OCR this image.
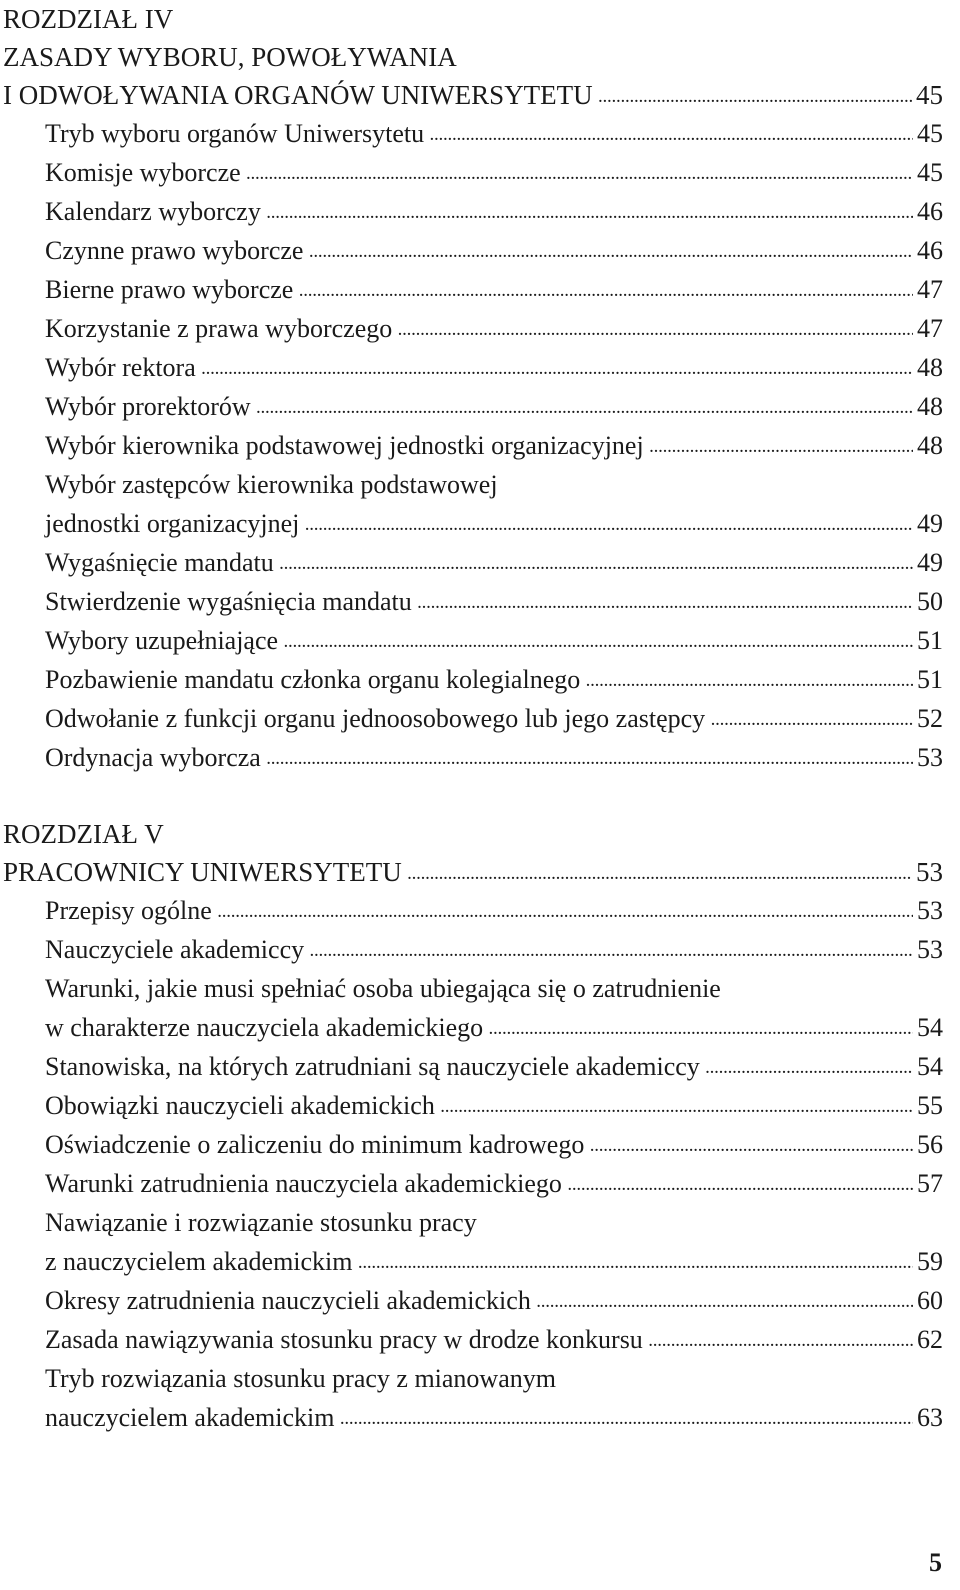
ROZDZIAŁ IV
ZASADY WYBORU, POWOŁYWANIA
I ODWOŁYWANIA ORGANÓW UNIWERSYTETU .....	45
Tryb wyboru organów Uniwersytetu .....	45
Komisje wyborcze .....	45
Kalendarz wyborczy .....	46
Czynne prawo wyborcze .....	46
Bierne prawo wyborcze .....	47
Korzystanie z prawa wyborczego .....	47
Wybór rektora .....	48
Wybór prorektorów .....	48
Wybór kierownika podstawowej jednostki organizacyjnej .....	48
Wybór zastępców kierownika podstawowej
jednostki organizacyjnej .....	49
Wygaśnięcie mandatu .....	49
Stwierdzenie wygaśnięcia mandatu .....	50
Wybory uzupełniające .....	51
Pozbawienie mandatu członka organu kolegialnego .....	51
Odwołanie z funkcji organu jednoosobowego lub jego zastępcy .....	52
Ordynacja wyborcza .....	53
ROZDZIAŁ V
PRACOWNICY UNIWERSYTETU .....	53
Przepisy ogólne .....	53
Nauczyciele akademiccy .....	53
Warunki, jakie musi spełniać osoba ubiegająca się o zatrudnienie
w charakterze nauczyciela akademickiego .....	54
Stanowiska, na których zatrudniani są nauczyciele akademiccy .....	54
Obowiązki nauczycieli akademickich .....	55
Oświadczenie o zaliczeniu do minimum kadrowego .....	56
Warunki zatrudnienia nauczyciela akademickiego .....	57
Nawiązanie i rozwiązanie stosunku pracy
z nauczycielem akademickim .....	59
Okresy zatrudnienia nauczycieli akademickich .....	60
Zasada nawiązywania stosunku pracy w drodze konkursu .....	62
Tryb rozwiązania stosunku pracy z mianowanym
nauczycielem akademickim .....	63
5
